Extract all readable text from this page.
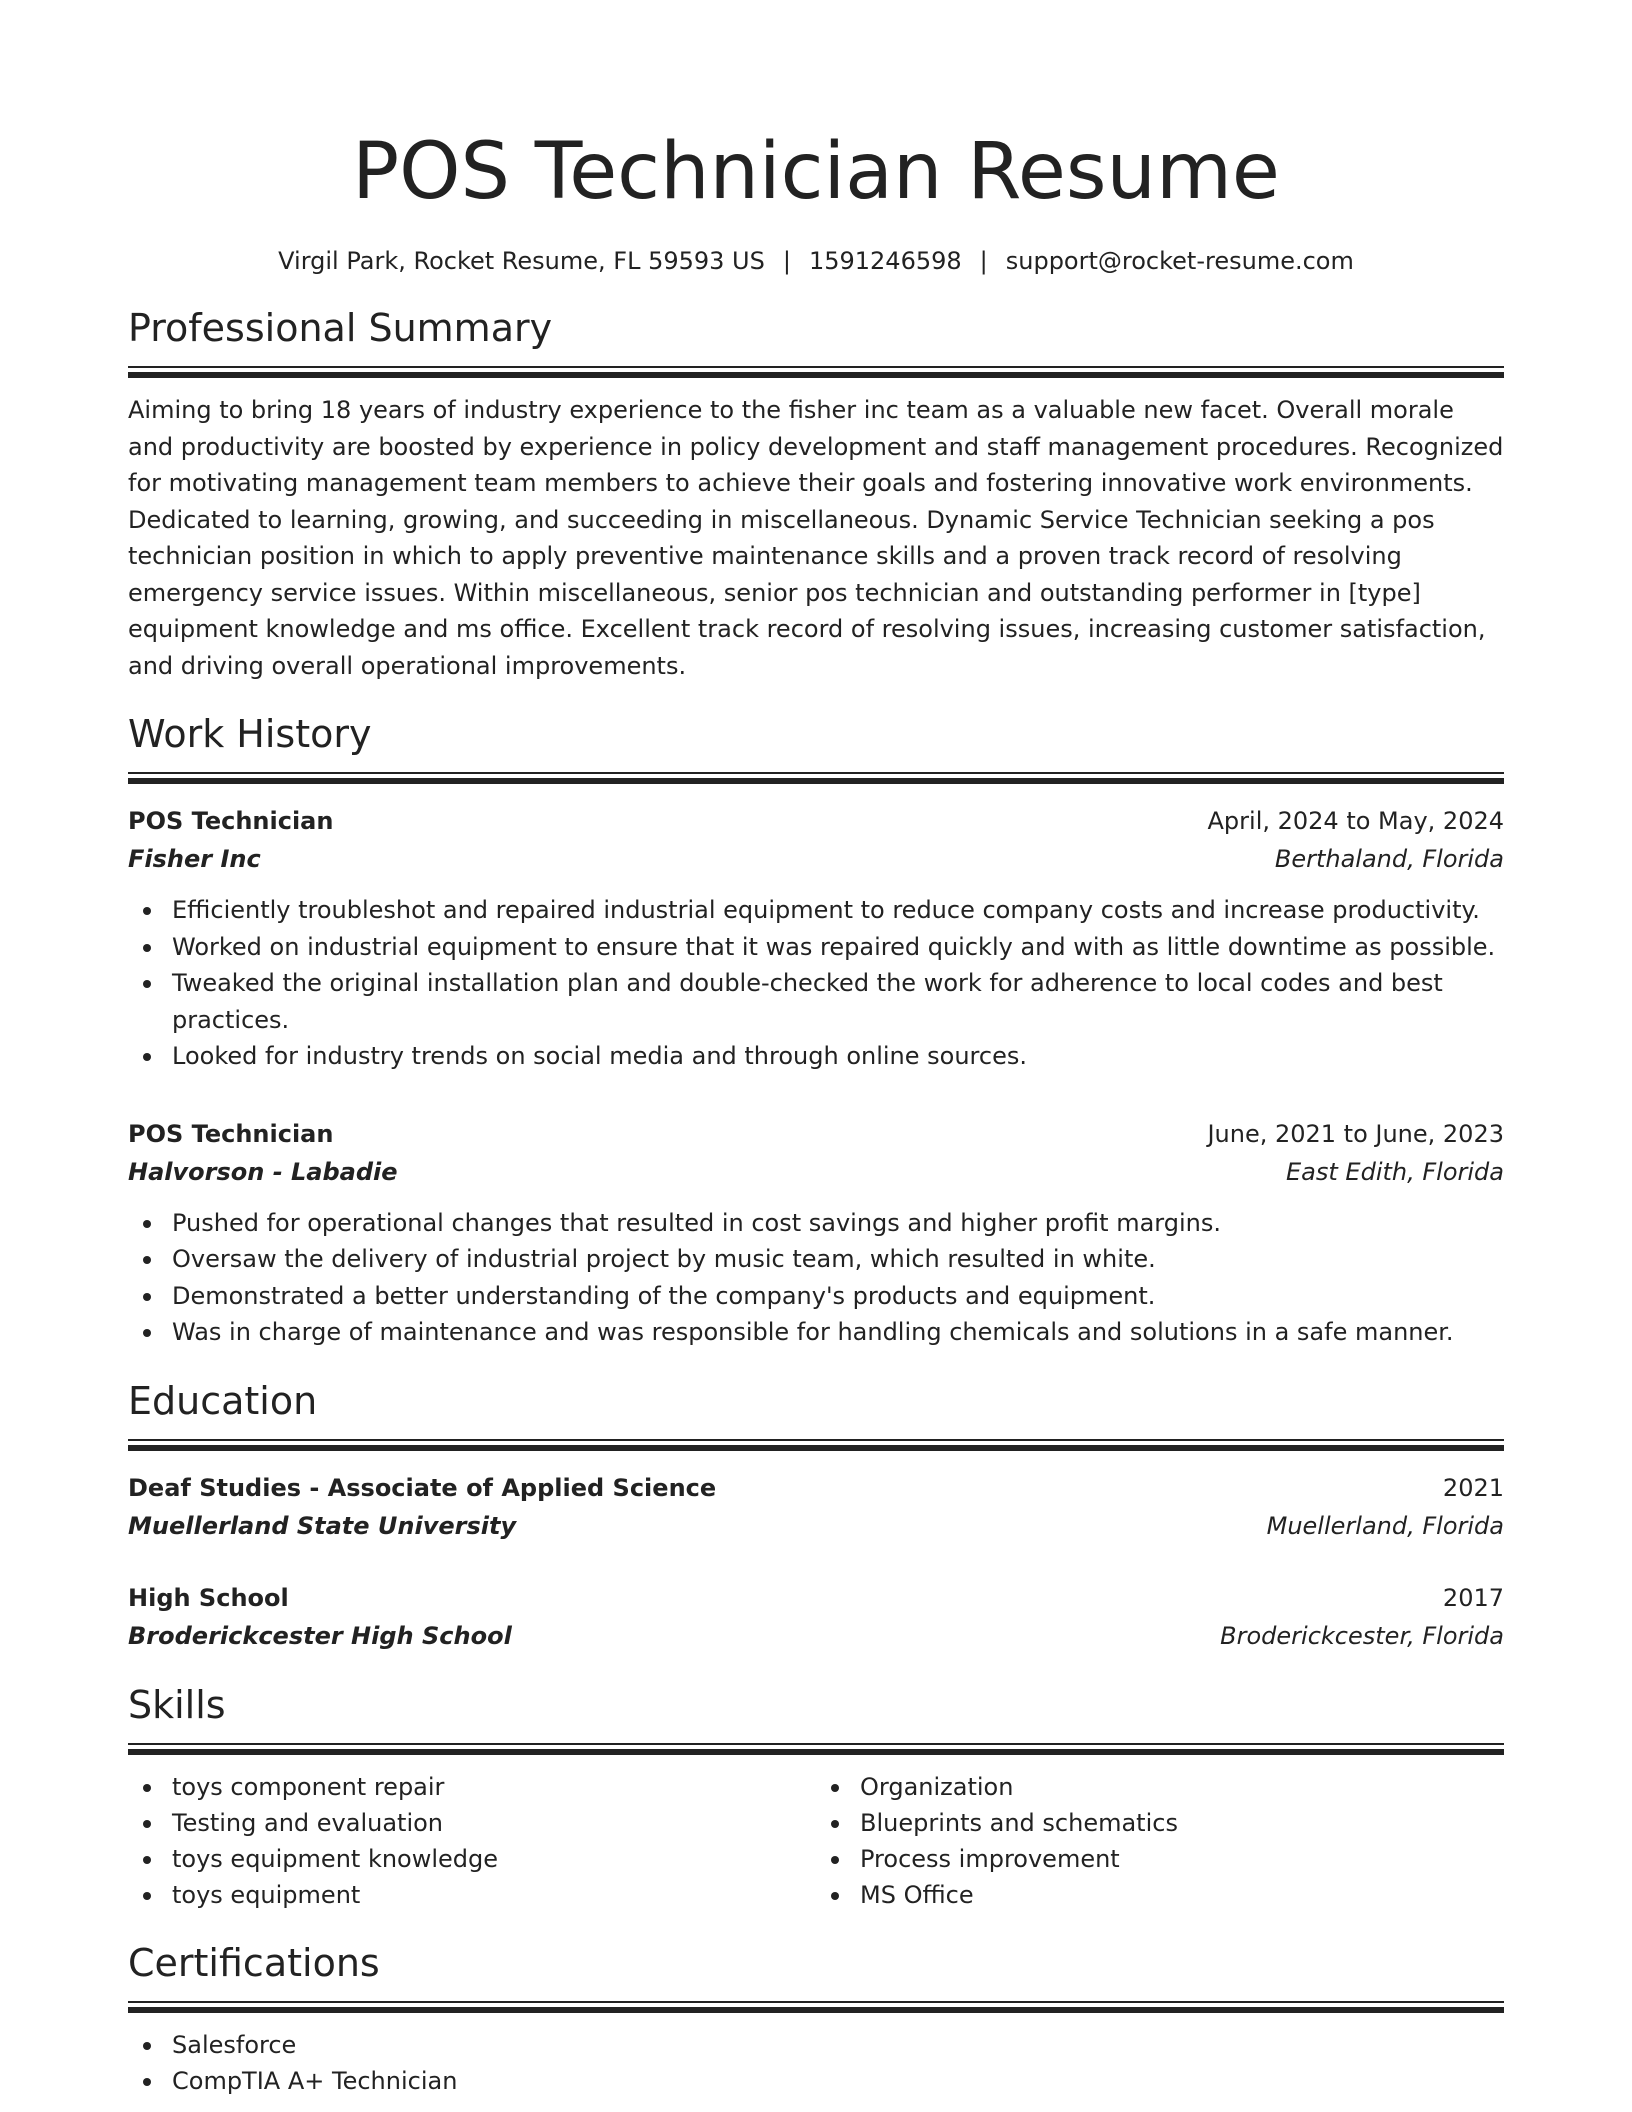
POS Technician Resume
Virgil Park, Rocket Resume, FL 59593 US | 1591246598 | support@rocket-resume.com
Professional Summary

Aiming to bring 18 years of industry experience to the fisher inc team as a valuable new facet. Overall morale and productivity are boosted by experience in policy development and staff management procedures. Recognized for motivating management team members to achieve their goals and fostering innovative work environments. Dedicated to learning, growing, and succeeding in miscellaneous. Dynamic Service Technician seeking a pos technician position in which to apply preventive maintenance skills and a proven track record of resolving emergency service issues. Within miscellaneous, senior pos technician and outstanding performer in [type] equipment knowledge and ms office. Excellent track record of resolving issues, increasing customer satisfaction, and driving overall operational improvements.

Work History
POS Technician	April, 2024 to May, 2024
Fisher Inc	Berthaland, Florida
Efficiently troubleshot and repaired industrial equipment to reduce company costs and increase productivity.
Worked on industrial equipment to ensure that it was repaired quickly and with as little downtime as possible.
Tweaked the original installation plan and double-checked the work for adherence to local codes and best practices.
Looked for industry trends on social media and through online sources.
POS Technician	June, 2021 to June, 2023
Halvorson - Labadie	East Edith, Florida
Pushed for operational changes that resulted in cost savings and higher profit margins.
Oversaw the delivery of industrial project by music team, which resulted in white.
Demonstrated a better understanding of the company's products and equipment.
Was in charge of maintenance and was responsible for handling chemicals and solutions in a safe manner.
Education
Deaf Studies - Associate of Applied Science	2021
Muellerland State University	Muellerland, Florida
High School	2017
Broderickcester High School	Broderickcester, Florida
Skills
toys component repair
Testing and evaluation
toys equipment knowledge
toys equipment
Organization
Blueprints and schematics
Process improvement
MS Office
Certifications
Salesforce
CompTIA A+ Technician
